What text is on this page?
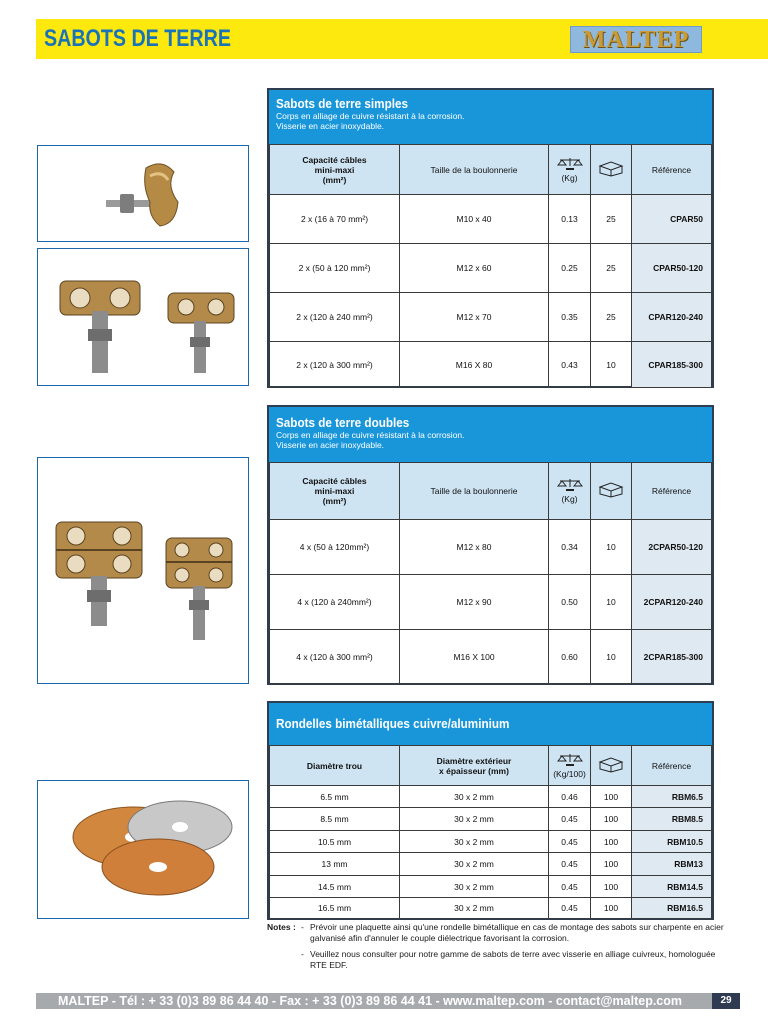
SABOTS DE TERRE	MALTEP
Sabots de terre simples
Corps en alliage de cuivre résistant à la corrosion.
Visserie en acier inoxydable.
Capacité câbles
mini-maxi
(mm²)	Taille de la boulonnerie	(Kg)		Référence
2 x (16 à 70 mm²)	M10 x 40	0.13	25	CPAR50
2 x (50 à 120 mm²)	M12 x 60	0.25	25	CPAR50-120
2 x (120 à 240 mm²)	M12 x 70	0.35	25	CPAR120-240
2 x (120 à 300 mm²)	M16 X 80	0.43	10	CPAR185-300
Sabots de terre doubles
Corps en alliage de cuivre résistant à la corrosion.
Visserie en acier inoxydable.
Capacité câbles
mini-maxi
(mm²)	Taille de la boulonnerie	(Kg)		Référence
4 x (50 à 120mm²)	M12 x 80	0.34	10	2CPAR50-120
4 x (120 à 240mm²)	M12 x 90	0.50	10	2CPAR120-240
4 x (120 à 300 mm²)	M16 X 100	0.60	10	2CPAR185-300
Rondelles bimétalliques cuivre/aluminium
Diamètre trou	Diamètre extérieur
x épaisseur (mm)	(Kg/100)		Référence
6.5 mm	30 x 2 mm	0.46	100	RBM6.5
8.5 mm	30 x 2 mm	0.45	100	RBM8.5
10.5 mm	30 x 2 mm	0.45	100	RBM10.5
13 mm	30 x 2 mm	0.45	100	RBM13
14.5 mm	30 x 2 mm	0.45	100	RBM14.5
16.5 mm	30 x 2 mm	0.45	100	RBM16.5
Notes :	- Prévoir une plaquette ainsi qu'une rondelle bimétallique en cas de montage des sabots sur charpente en acier galvanisé afin d'annuler le couple diélectrique favorisant la corrosion.
- Veuillez nous consulter pour notre gamme de sabots de terre avec visserie en alliage cuivreux, homologuée RTE EDF.
MALTEP - Tél : + 33 (0)3 89 86 44 40 - Fax : + 33 (0)3 89 86 44 41 - www.maltep.com - contact@maltep.com	29
